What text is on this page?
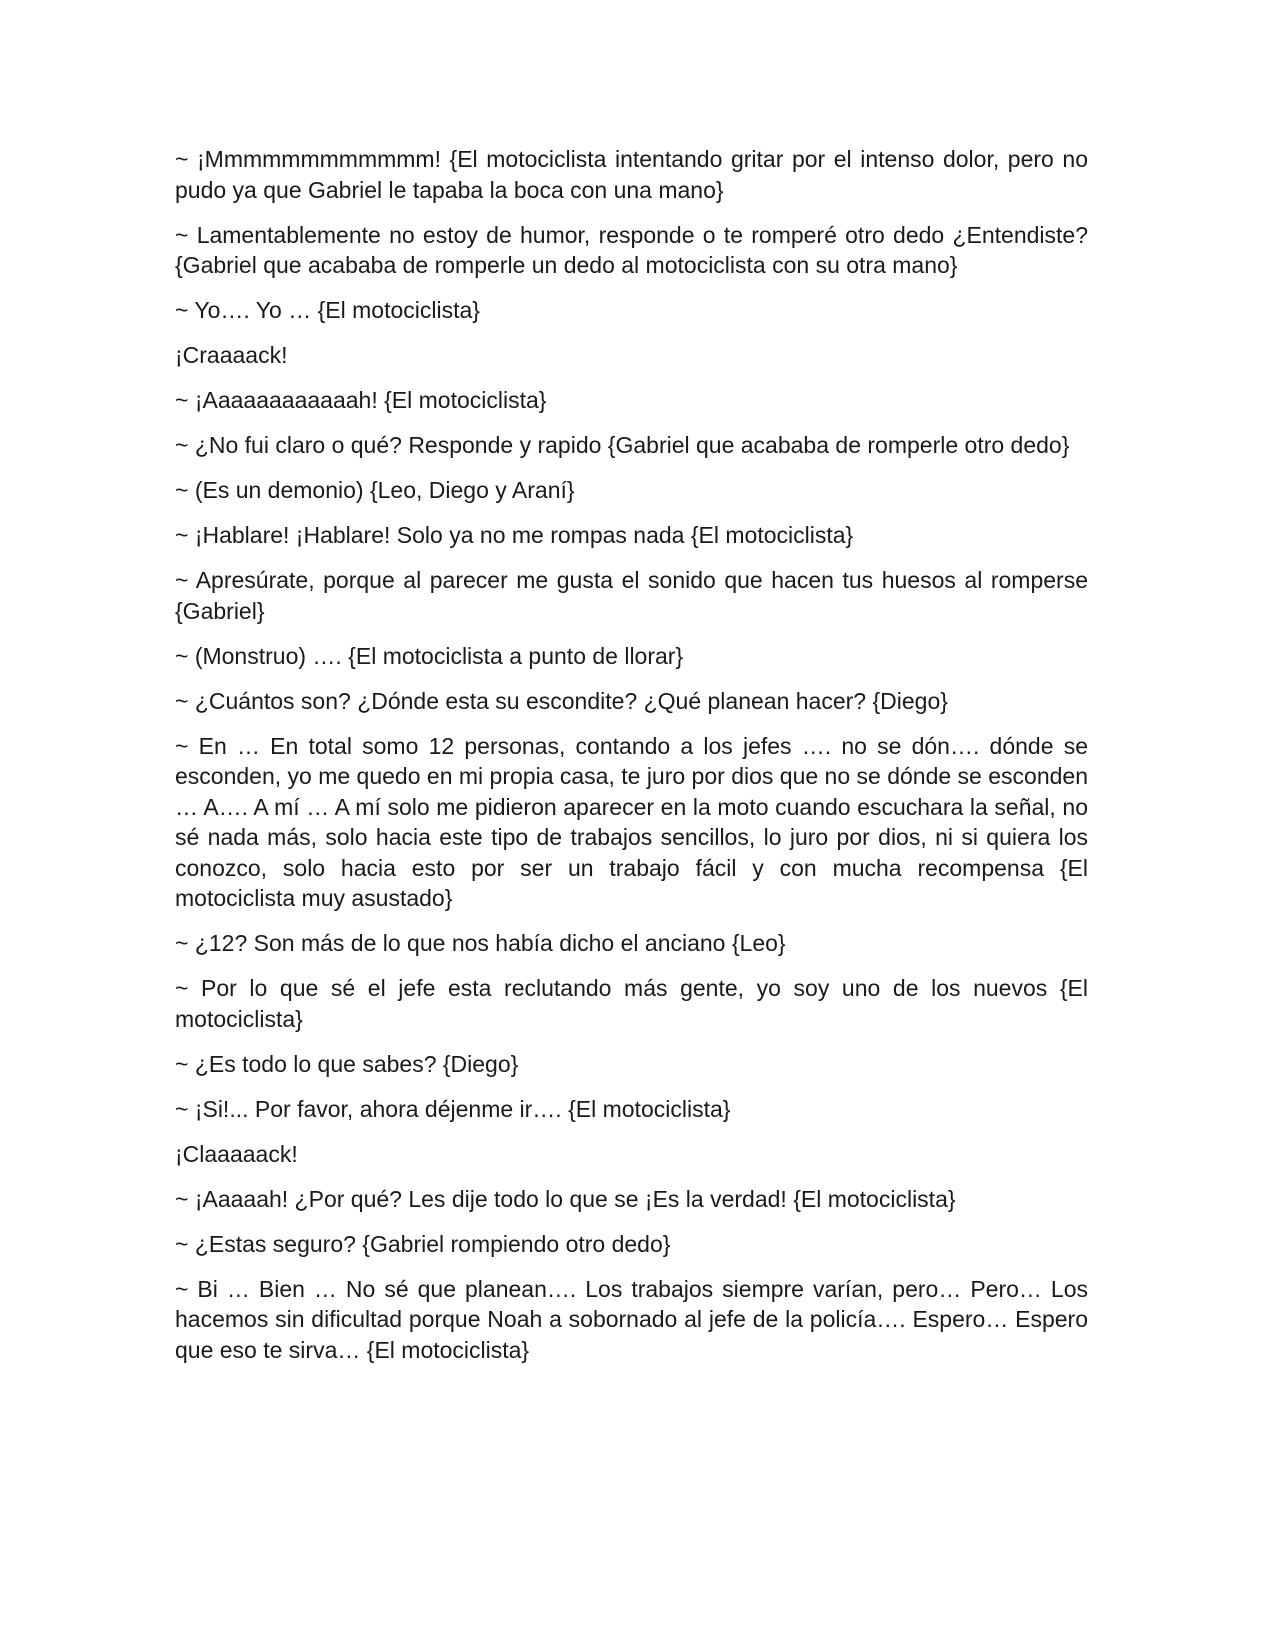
~ ¡Mmmmmmmmmmmm! {El motociclista intentando gritar por el intenso dolor, pero no pudo ya que Gabriel le tapaba la boca con una mano}

~ Lamentablemente no estoy de humor, responde o te romperé otro dedo ¿Entendiste? {Gabriel que acababa de romperle un dedo al motociclista con su otra mano}

~ Yo…. Yo … {El motociclista}

¡Craaaack!

~ ¡Aaaaaaaaaaaah! {El motociclista}

~ ¿No fui claro o qué? Responde y rapido {Gabriel que acababa de romperle otro dedo}

~ (Es un demonio) {Leo, Diego y Araní}

~ ¡Hablare! ¡Hablare! Solo ya no me rompas nada {El motociclista}

~ Apresúrate, porque al parecer me gusta el sonido que hacen tus huesos al romperse {Gabriel}

~ (Monstruo) …. {El motociclista a punto de llorar}

~ ¿Cuántos son? ¿Dónde esta su escondite? ¿Qué planean hacer? {Diego}

~ En … En total somo 12 personas, contando a los jefes …. no se dón…. dónde se esconden, yo me quedo en mi propia casa, te juro por dios que no se dónde se esconden … A…. A mí … A mí solo me pidieron aparecer en la moto cuando escuchara la señal, no sé nada más, solo hacia este tipo de trabajos sencillos, lo juro por dios, ni si quiera los conozco, solo hacia esto por ser un trabajo fácil y con mucha recompensa {El motociclista muy asustado}

~ ¿12? Son más de lo que nos había dicho el anciano {Leo}

~ Por lo que sé el jefe esta reclutando más gente, yo soy uno de los nuevos {El motociclista}

~ ¿Es todo lo que sabes? {Diego}

~ ¡Si!... Por favor, ahora déjenme ir…. {El motociclista}

¡Claaaaack!

~ ¡Aaaaah! ¿Por qué? Les dije todo lo que se ¡Es la verdad! {El motociclista}

~ ¿Estas seguro? {Gabriel rompiendo otro dedo}

~ Bi … Bien … No sé que planean…. Los trabajos siempre varían, pero… Pero… Los hacemos sin dificultad porque Noah a sobornado al jefe de la policía…. Espero… Espero que eso te sirva… {El motociclista}
